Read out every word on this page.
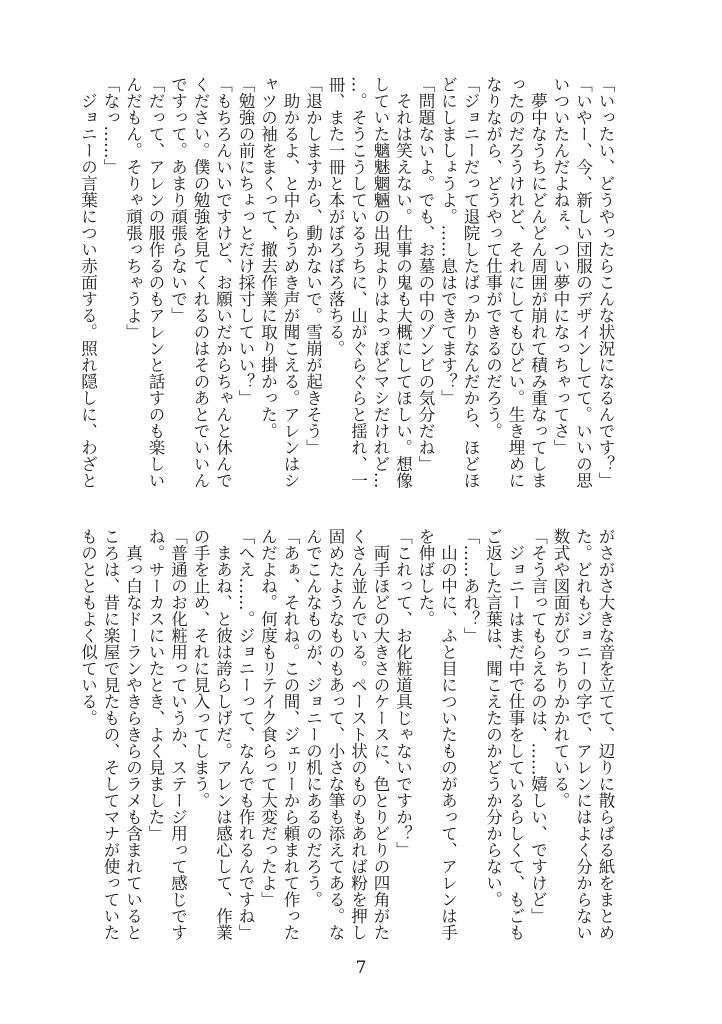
「いったい、どうやったらこんな状況になるんです？」
「いやー、今、新しい団服のデザインしてて。いいの思
いついたんだよねぇ、つい夢中になっちゃってさ」
　夢中なうちにどんどん周囲が崩れて積み重なってしま
ったのだろうけれど、それにしてもひどい。生き埋めに
なりながら、どうやって仕事ができるのだろう。
「ジョニーだって退院したばっかりなんだから、ほどほ
どにしましょうよ。……息はできてます？」
「問題ないよ。でも、お墓の中のゾンビの気分だね」
　それは笑えない。仕事の鬼も大概にしてほしい。想像
していた魑魅魍魎の出現よりはよっぽどマシだけれど…
…。そうこうしているうちに、山がぐらぐらと揺れ、一
冊、また一冊と本がぼろぼろ落ちる。
「退かしますから、動かないで。雪崩が起きそう」
　助かるよ、と中からうめき声が聞こえる。アレンはシ
ャツの袖をまくって、撤去作業に取り掛かった。
「勉強の前にちょっとだけ採寸していい？」
「もちろんいいですけど、お願いだからちゃんと休んで
ください。僕の勉強を見てくれるのはそのあとでいいん
ですって。あまり頑張らないで」
「だって、アレンの服作るのもアレンと話すのも楽しい
んだもん。そりゃ頑張っちゃうよ」
「なっ……」
　ジョニーの言葉につい赤面する。照れ隠しに、わざと
がさがさ大きな音を立てて、辺りに散らばる紙をまとめ
た。どれもジョニーの字で、アレンにはよく分からない
数式や図面がびっちりかかれている。
「そう言ってもらえるのは、……嬉しい、ですけど」
　ジョニーはまだ中で仕事をしているらしくて、もごも
ご返した言葉は、聞こえたのかどうか分からない。
「……あれ？」
　山の中に、ふと目についたものがあって、アレンは手
を伸ばした。
「これって、お化粧道具じゃないですか？」
　両手ほどの大きさのケースに、色とりどりの四角がた
くさん並んでいる。ペースト状のものもあれば粉を押し
固めたようなものもあって、小さな筆も添えてある。な
んでこんなものが、ジョニーの机にあるのだろう。
「あぁ、それね。この間、ジェリーから頼まれて作った
んだよね。何度もリテイク食らって大変だったよ」
「へえ……。ジョニーって、なんでも作れるんですね」
　まあね、と彼は誇らしげだ。アレンは感心して、作業
の手を止め、それに見入ってしまう。
「普通のお化粧用っていうか、ステージ用って感じです
ね。サーカスにいたとき、よく見ました」
　真っ白なドーランやきらきらのラメも含まれていると
ころは、昔に楽屋で見たもの、そしてマナが使っていた
ものとともよく似ている。
7
